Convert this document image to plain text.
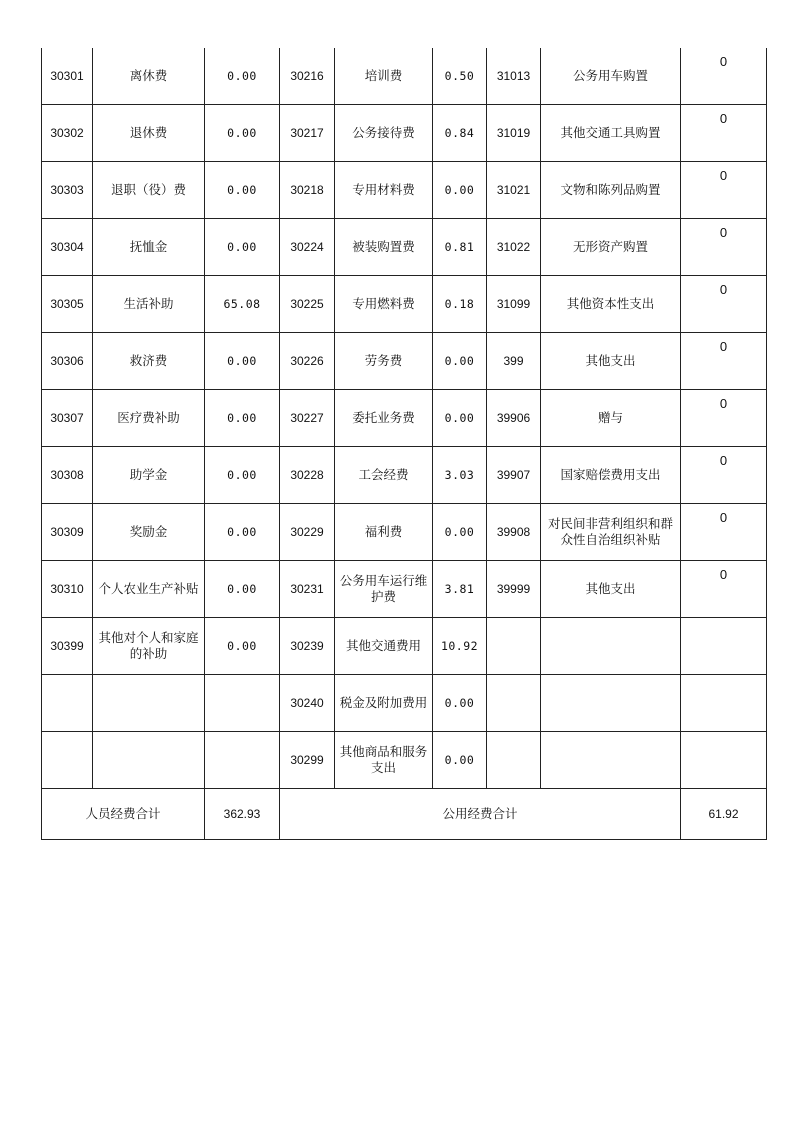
30301	离休费	0.00	30216	培训费	0.50	31013	公务用车购置	0
30302	退休费	0.00	30217	公务接待费	0.84	31019	其他交通工具购置	0
30303	退职（役）费	0.00	30218	专用材料费	0.00	31021	文物和陈列品购置	0
30304	抚恤金	0.00	30224	被装购置费	0.81	31022	无形资产购置	0
30305	生活补助	65.08	30225	专用燃料费	0.18	31099	其他资本性支出	0
30306	救济费	0.00	30226	劳务费	0.00	399	其他支出	0
30307	医疗费补助	0.00	30227	委托业务费	0.00	39906	赠与	0
30308	助学金	0.00	30228	工会经费	3.03	39907	国家赔偿费用支出	0
30309	奖励金	0.00	30229	福利费	0.00	39908	对民间非营利组织和群众性自治组织补贴	0
30310	个人农业生产补贴	0.00	30231	公务用车运行维护费	3.81	39999	其他支出	0
30399	其他对个人和家庭的补助	0.00	30239	其他交通费用	10.92			
			30240	税金及附加费用	0.00			
			30299	其他商品和服务支出	0.00			
人员经费合计		362.93	公用经费合计					61.92
